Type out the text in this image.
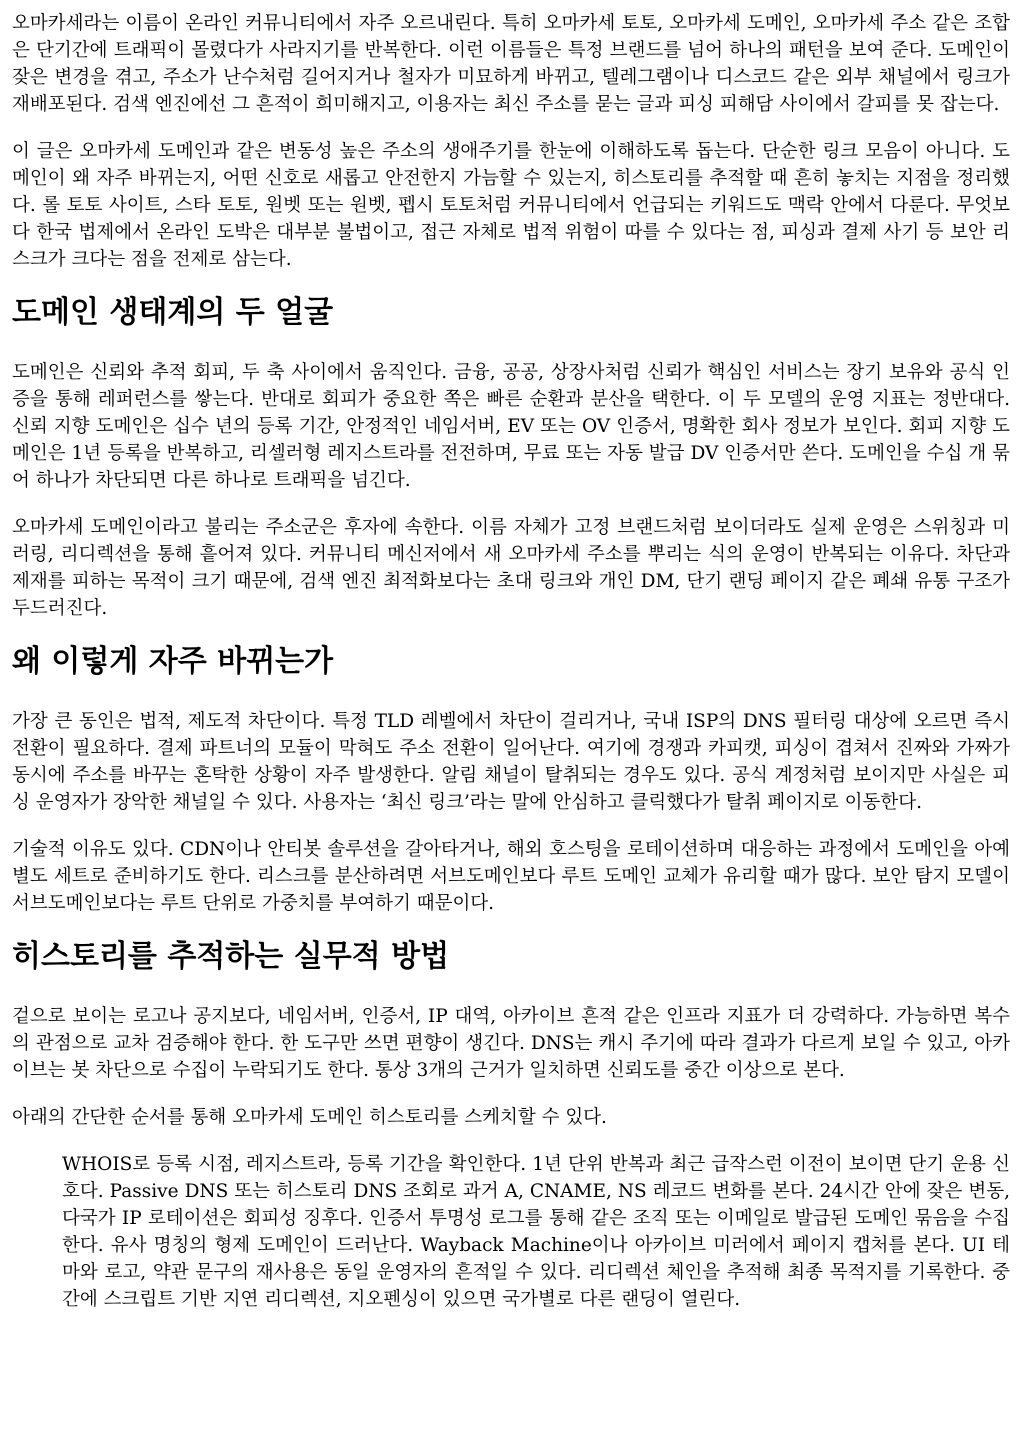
오마카세라는 이름이 온라인 커뮤니티에서 자주 오르내린다. 특히 오마카세 토토, 오마카세 도메인, 오마카세 주소 같은 조합은 단기간에 트래픽이 몰렸다가 사라지기를 반복한다. 이런 이름들은 특정 브랜드를 넘어 하나의 패턴을 보여 준다. 도메인이 잦은 변경을 겪고, 주소가 난수처럼 길어지거나 철자가 미묘하게 바뀌고, 텔레그램이나 디스코드 같은 외부 채널에서 링크가 재배포된다. 검색 엔진에선 그 흔적이 희미해지고, 이용자는 최신 주소를 묻는 글과 피싱 피해담 사이에서 갈피를 못 잡는다.

이 글은 오마카세 도메인과 같은 변동성 높은 주소의 생애주기를 한눈에 이해하도록 돕는다. 단순한 링크 모음이 아니다. 도메인이 왜 자주 바뀌는지, 어떤 신호로 새롭고 안전한지 가늠할 수 있는지, 히스토리를 추적할 때 흔히 놓치는 지점을 정리했다. 롤 토토 사이트, 스타 토토, 원벳 또는 원벳, 펩시 토토처럼 커뮤니티에서 언급되는 키워드도 맥락 안에서 다룬다. 무엇보다 한국 법제에서 온라인 도박은 대부분 불법이고, 접근 자체로 법적 위험이 따를 수 있다는 점, 피싱과 결제 사기 등 보안 리스크가 크다는 점을 전제로 삼는다.

도메인 생태계의 두 얼굴

도메인은 신뢰와 추적 회피, 두 축 사이에서 움직인다. 금융, 공공, 상장사처럼 신뢰가 핵심인 서비스는 장기 보유와 공식 인증을 통해 레퍼런스를 쌓는다. 반대로 회피가 중요한 쪽은 빠른 순환과 분산을 택한다. 이 두 모델의 운영 지표는 정반대다. 신뢰 지향 도메인은 십수 년의 등록 기간, 안정적인 네임서버, EV 또는 OV 인증서, 명확한 회사 정보가 보인다. 회피 지향 도메인은 1년 등록을 반복하고, 리셀러형 레지스트라를 전전하며, 무료 또는 자동 발급 DV 인증서만 쓴다. 도메인을 수십 개 묶어 하나가 차단되면 다른 하나로 트래픽을 넘긴다.

오마카세 도메인이라고 불리는 주소군은 후자에 속한다. 이름 자체가 고정 브랜드처럼 보이더라도 실제 운영은 스위칭과 미러링, 리디렉션을 통해 흩어져 있다. 커뮤니티 메신저에서 새 오마카세 주소를 뿌리는 식의 운영이 반복되는 이유다. 차단과 제재를 피하는 목적이 크기 때문에, 검색 엔진 최적화보다는 초대 링크와 개인 DM, 단기 랜딩 페이지 같은 폐쇄 유통 구조가 두드러진다.

왜 이렇게 자주 바뀌는가

가장 큰 동인은 법적, 제도적 차단이다. 특정 TLD 레벨에서 차단이 걸리거나, 국내 ISP의 DNS 필터링 대상에 오르면 즉시 전환이 필요하다. 결제 파트너의 모듈이 막혀도 주소 전환이 일어난다. 여기에 경쟁과 카피캣, 피싱이 겹쳐서 진짜와 가짜가 동시에 주소를 바꾸는 혼탁한 상황이 자주 발생한다. 알림 채널이 탈취되는 경우도 있다. 공식 계정처럼 보이지만 사실은 피싱 운영자가 장악한 채널일 수 있다. 사용자는 ‘최신 링크’라는 말에 안심하고 클릭했다가 탈취 페이지로 이동한다.

기술적 이유도 있다. CDN이나 안티봇 솔루션을 갈아타거나, 해외 호스팅을 로테이션하며 대응하는 과정에서 도메인을 아예 별도 세트로 준비하기도 한다. 리스크를 분산하려면 서브도메인보다 루트 도메인 교체가 유리할 때가 많다. 보안 탐지 모델이 서브도메인보다는 루트 단위로 가중치를 부여하기 때문이다.

히스토리를 추적하는 실무적 방법

겉으로 보이는 로고나 공지보다, 네임서버, 인증서, IP 대역, 아카이브 흔적 같은 인프라 지표가 더 강력하다. 가능하면 복수의 관점으로 교차 검증해야 한다. 한 도구만 쓰면 편향이 생긴다. DNS는 캐시 주기에 따라 결과가 다르게 보일 수 있고, 아카이브는 봇 차단으로 수집이 누락되기도 한다. 통상 3개의 근거가 일치하면 신뢰도를 중간 이상으로 본다.

아래의 간단한 순서를 통해 오마카세 도메인 히스토리를 스케치할 수 있다.

WHOIS로 등록 시점, 레지스트라, 등록 기간을 확인한다. 1년 단위 반복과 최근 급작스런 이전이 보이면 단기 운용 신호다. Passive DNS 또는 히스토리 DNS 조회로 과거 A, CNAME, NS 레코드 변화를 본다. 24시간 안에 잦은 변동, 다국가 IP 로테이션은 회피성 징후다. 인증서 투명성 로그를 통해 같은 조직 또는 이메일로 발급된 도메인 묶음을 수집한다. 유사 명칭의 형제 도메인이 드러난다. Wayback Machine이나 아카이브 미러에서 페이지 캡처를 본다. UI 테마와 로고, 약관 문구의 재사용은 동일 운영자의 흔적일 수 있다. 리디렉션 체인을 추적해 최종 목적지를 기록한다. 중간에 스크립트 기반 지연 리디렉션, 지오펜싱이 있으면 국가별로 다른 랜딩이 열린다.
